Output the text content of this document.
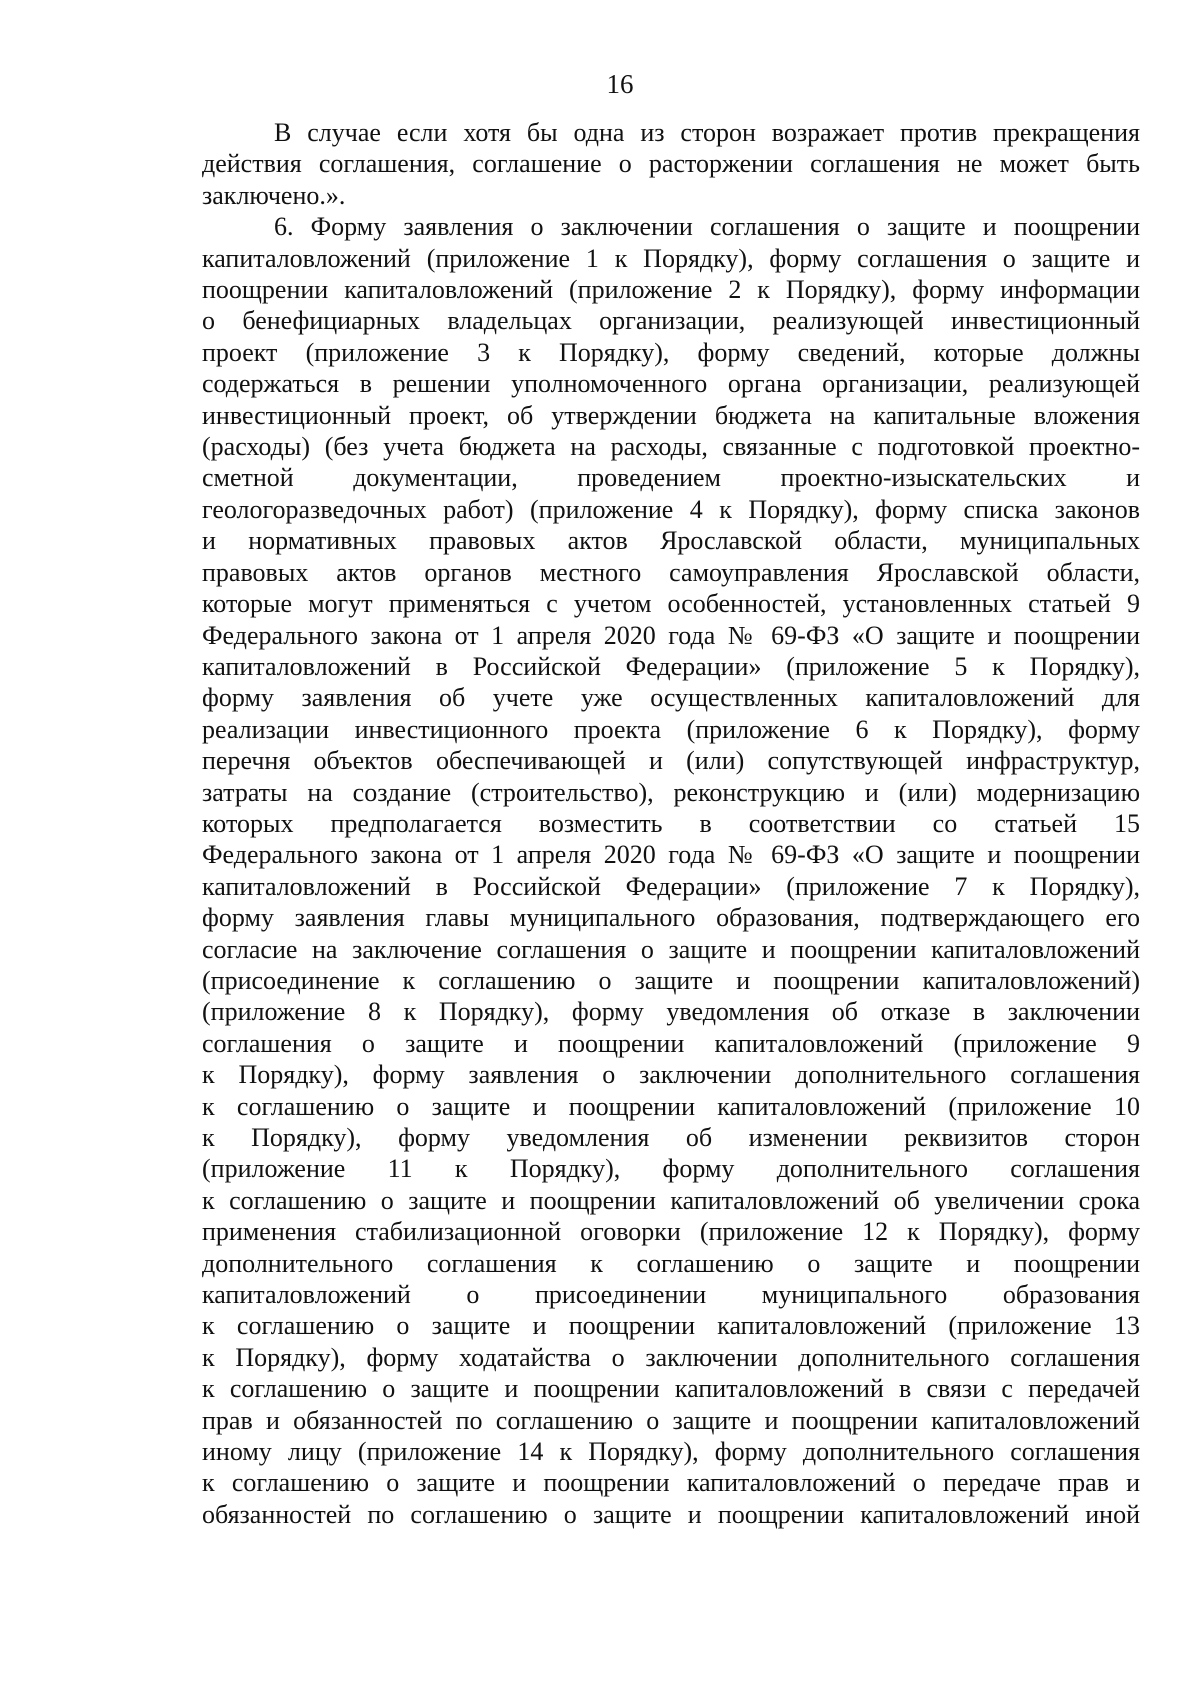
16
В случае если хотя бы одна из сторон возражает против прекращения
действия соглашения, соглашение о расторжении соглашения не может быть
заключено.».
6. Форму заявления о заключении соглашения о защите и поощрении
капиталовложений (приложение 1 к Порядку), форму соглашения о защите и
поощрении капиталовложений (приложение 2 к Порядку), форму информации
о бенефициарных владельцах организации, реализующей инвестиционный
проект (приложение 3 к Порядку), форму сведений, которые должны
содержаться в решении уполномоченного органа организации, реализующей
инвестиционный проект, об утверждении бюджета на капитальные вложения
(расходы) (без учета бюджета на расходы, связанные с подготовкой проектно-
сметной документации, проведением проектно-изыскательских и
геологоразведочных работ) (приложение 4 к Порядку), форму списка законов
и нормативных правовых актов Ярославской области, муниципальных
правовых актов органов местного самоуправления Ярославской области,
которые могут применяться с учетом особенностей, установленных статьей 9
Федерального закона от 1 апреля 2020 года № 69-ФЗ «О защите и поощрении
капиталовложений в Российской Федерации» (приложение 5 к Порядку),
форму заявления об учете уже осуществленных капиталовложений для
реализации инвестиционного проекта (приложение 6 к Порядку), форму
перечня объектов обеспечивающей и (или) сопутствующей инфраструктур,
затраты на создание (строительство), реконструкцию и (или) модернизацию
которых предполагается возместить в соответствии со статьей 15
Федерального закона от 1 апреля 2020 года № 69-ФЗ «О защите и поощрении
капиталовложений в Российской Федерации» (приложение 7 к Порядку),
форму заявления главы муниципального образования, подтверждающего его
согласие на заключение соглашения о защите и поощрении капиталовложений
(присоединение к соглашению о защите и поощрении капиталовложений)
(приложение 8 к Порядку), форму уведомления об отказе в заключении
соглашения о защите и поощрении капиталовложений (приложение 9
к Порядку), форму заявления о заключении дополнительного соглашения
к соглашению о защите и поощрении капиталовложений (приложение 10
к Порядку), форму уведомления об изменении реквизитов сторон
(приложение 11 к Порядку), форму дополнительного соглашения
к соглашению о защите и поощрении капиталовложений об увеличении срока
применения стабилизационной оговорки (приложение 12 к Порядку), форму
дополнительного соглашения к соглашению о защите и поощрении
капиталовложений о присоединении муниципального образования
к соглашению о защите и поощрении капиталовложений (приложение 13
к Порядку), форму ходатайства о заключении дополнительного соглашения
к соглашению о защите и поощрении капиталовложений в связи с передачей
прав и обязанностей по соглашению о защите и поощрении капиталовложений
иному лицу (приложение 14 к Порядку), форму дополнительного соглашения
к соглашению о защите и поощрении капиталовложений о передаче прав и
обязанностей по соглашению о защите и поощрении капиталовложений иной
